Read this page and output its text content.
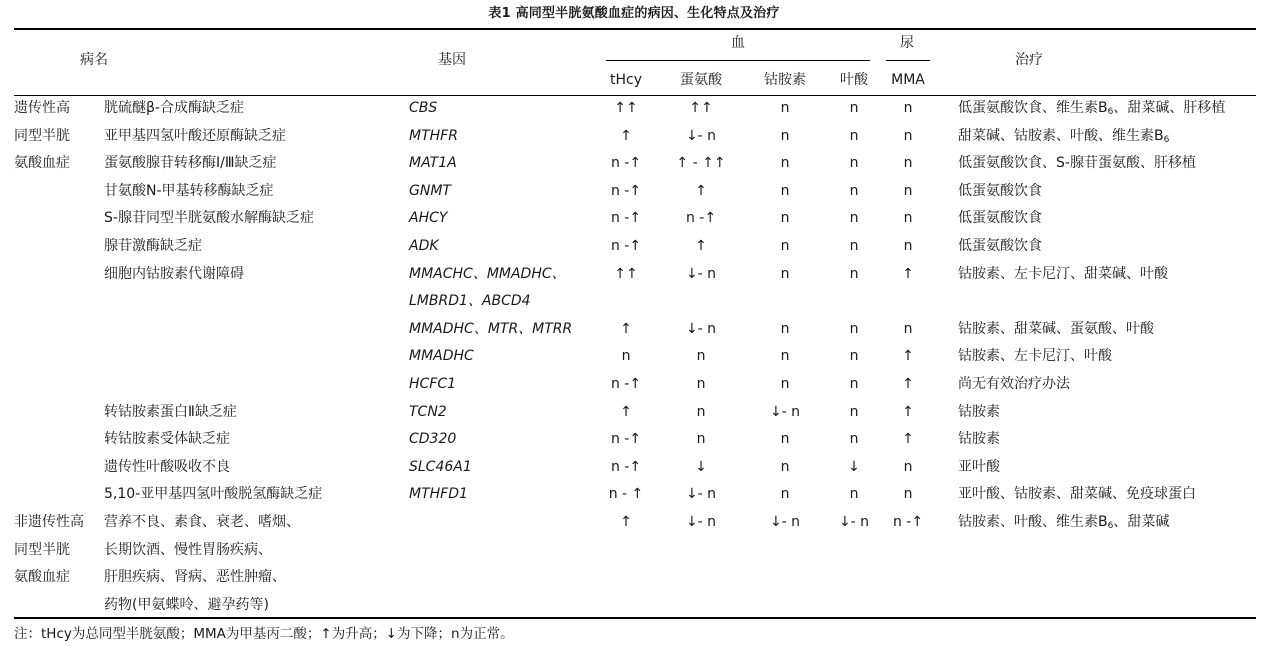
表1 高同型半胱氨酸血症的病因、生化特点及治疗
病名	基因
血	尿
治疗
tHcy	蛋氨酸	钴胺素	叶酸	MMA
遗传性高
同型半胱
氨酸血症
非遗传性高
同型半胱
氨酸血症
胱硫醚β-合成酶缺乏症	CBS	↑↑	↑↑	n	n	n	低蛋氨酸饮食、维生素B6、甜菜碱、肝移植
亚甲基四氢叶酸还原酶缺乏症	MTHFR	↑	↓- n	n	n	n	甜菜碱、钴胺素、叶酸、维生素B6
蛋氨酸腺苷转移酶Ⅰ/Ⅲ缺乏症	MAT1A	n -↑	↑ - ↑↑	n	n	n	低蛋氨酸饮食、S-腺苷蛋氨酸、肝移植
甘氨酸N-甲基转移酶缺乏症	GNMT	n -↑	↑	n	n	n	低蛋氨酸饮食
S-腺苷同型半胱氨酸水解酶缺乏症	AHCY	n -↑	n -↑	n	n	n	低蛋氨酸饮食
腺苷激酶缺乏症	ADK	n -↑	↑	n	n	n	低蛋氨酸饮食
细胞内钴胺素代谢障碍	MMACHC、MMADHC、	↑↑	↓- n	n	n	↑	钴胺素、左卡尼汀、甜菜碱、叶酸
LMBRD1、ABCD4
MMADHC、MTR、MTRR	↑	↓- n	n	n	n	钴胺素、甜菜碱、蛋氨酸、叶酸
MMADHC	n	n	n	n	↑	钴胺素、左卡尼汀、叶酸
HCFC1	n -↑	n	n	n	↑	尚无有效治疗办法
转钴胺素蛋白Ⅱ缺乏症	TCN2	↑	n	↓- n	n	↑	钴胺素
转钴胺素受体缺乏症	CD320	n -↑	n	n	n	↑	钴胺素
遗传性叶酸吸收不良	SLC46A1	n -↑	↓	n	↓	n	亚叶酸
5,10-亚甲基四氢叶酸脱氢酶缺乏症	MTHFD1	n - ↑	↓- n	n	n	n	亚叶酸、钴胺素、甜菜碱、免疫球蛋白
营养不良、素食、衰老、嗜烟、	↑	↓- n	↓- n	↓- n	n -↑	钴胺素、叶酸、维生素B6、甜菜碱
长期饮酒、慢性胃肠疾病、
肝胆疾病、肾病、恶性肿瘤、
药物(甲氨蝶呤、避孕药等)
注：tHcy为总同型半胱氨酸；MMA为甲基丙二酸；↑为升高；↓为下降；n为正常。
